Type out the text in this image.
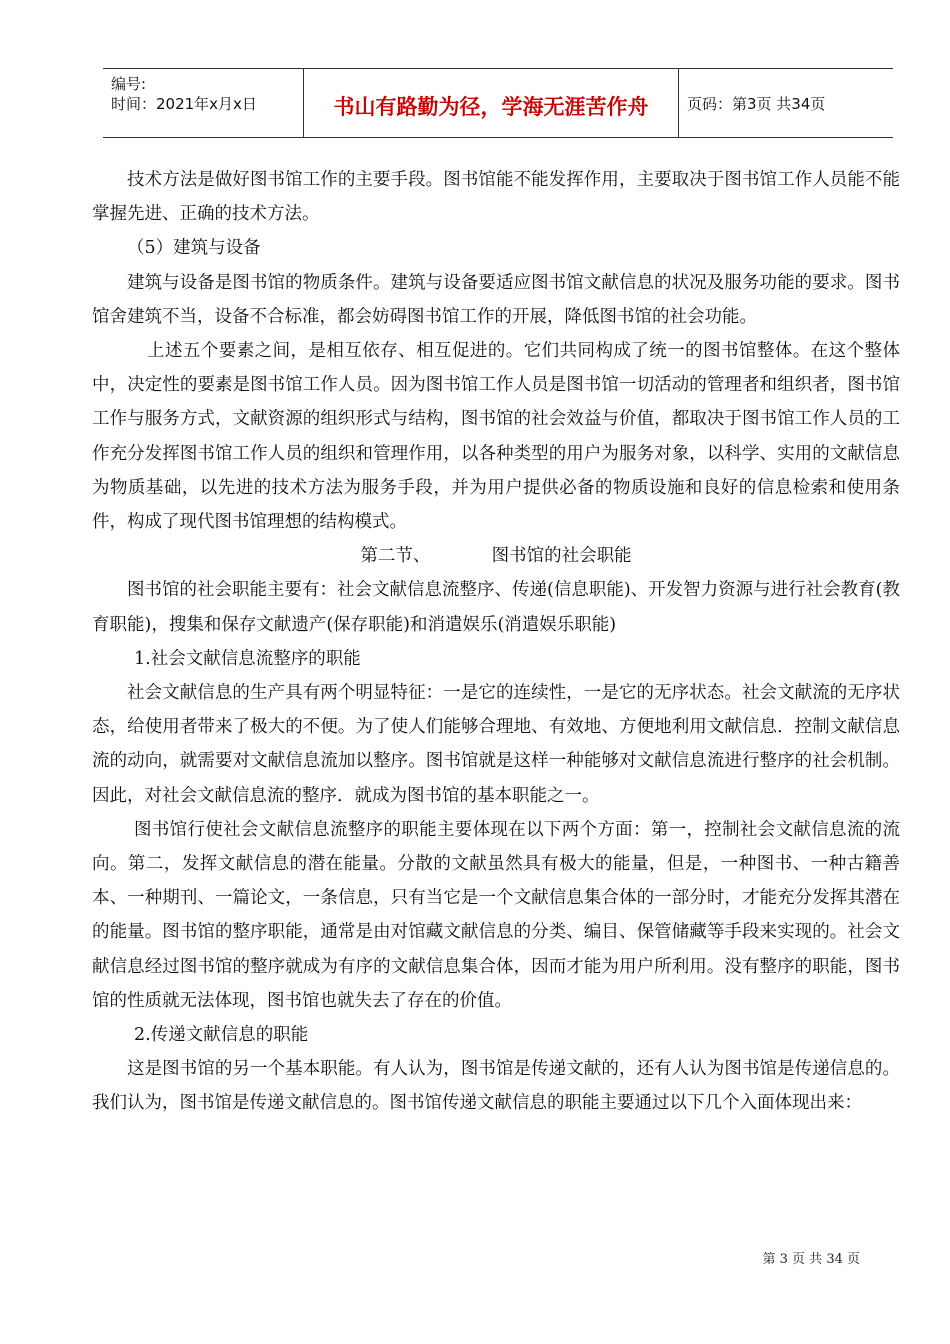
编号:
时间：2021年x月x日	书山有路勤为径，学海无涯苦作舟	页码：第3页 共34页

技术方法是做好图书馆工作的主要手段。图书馆能不能发挥作用，主要取决于图书馆工作人员能不能掌握先进、正确的技术方法。

（5）建筑与设备

建筑与设备是图书馆的物质条件。建筑与设备要适应图书馆文献信息的状况及服务功能的要求。图书馆舍建筑不当，设备不合标准，都会妨碍图书馆工作的开展，降低图书馆的社会功能。

上述五个要素之间，是相互依存、相互促进的。它们共同构成了统一的图书馆整体。在这个整体中，决定性的要素是图书馆工作人员。因为图书馆工作人员是图书馆一切活动的管理者和组织者，图书馆工作与服务方式，文献资源的组织形式与结构，图书馆的社会效益与价值，都取决于图书馆工作人员的工作充分发挥图书馆工作人员的组织和管理作用，以各种类型的用户为服务对象，以科学、实用的文献信息为物质基础，以先进的技术方法为服务手段，并为用户提供必备的物质设施和良好的信息检索和使用条件，构成了现代图书馆理想的结构模式。

第二节、　　　　图书馆的社会职能

图书馆的社会职能主要有：社会文献信息流整序、传递(信息职能)、开发智力资源与进行社会教育(教育职能)，搜集和保存文献遗产(保存职能)和消遣娱乐(消遣娱乐职能)

1.社会文献信息流整序的职能

社会文献信息的生产具有两个明显特征：一是它的连续性，一是它的无序状态。社会文献流的无序状态，给使用者带来了极大的不便。为了使人们能够合理地、有效地、方便地利用文献信息．控制文献信息流的动向，就需要对文献信息流加以整序。图书馆就是这样一种能够对文献信息流进行整序的社会机制。因此，对社会文献信息流的整序．就成为图书馆的基本职能之一。

图书馆行使社会文献信息流整序的职能主要体现在以下两个方面：第一，控制社会文献信息流的流向。第二，发挥文献信息的潜在能量。分散的文献虽然具有极大的能量，但是，一种图书、一种古籍善本、一种期刊、一篇论文，一条信息，只有当它是一个文献信息集合体的一部分时，才能充分发挥其潜在的能量。图书馆的整序职能，通常是由对馆藏文献信息的分类、编目、保管储藏等手段来实现的。社会文献信息经过图书馆的整序就成为有序的文献信息集合体，因而才能为用户所利用。没有整序的职能，图书馆的性质就无法体现，图书馆也就失去了存在的价值。

2.传递文献信息的职能

这是图书馆的另一个基本职能。有人认为，图书馆是传递文献的，还有人认为图书馆是传递信息的。我们认为，图书馆是传递文献信息的。图书馆传递文献信息的职能主要通过以下几个入面体现出来：

第 3 页 共 34 页
